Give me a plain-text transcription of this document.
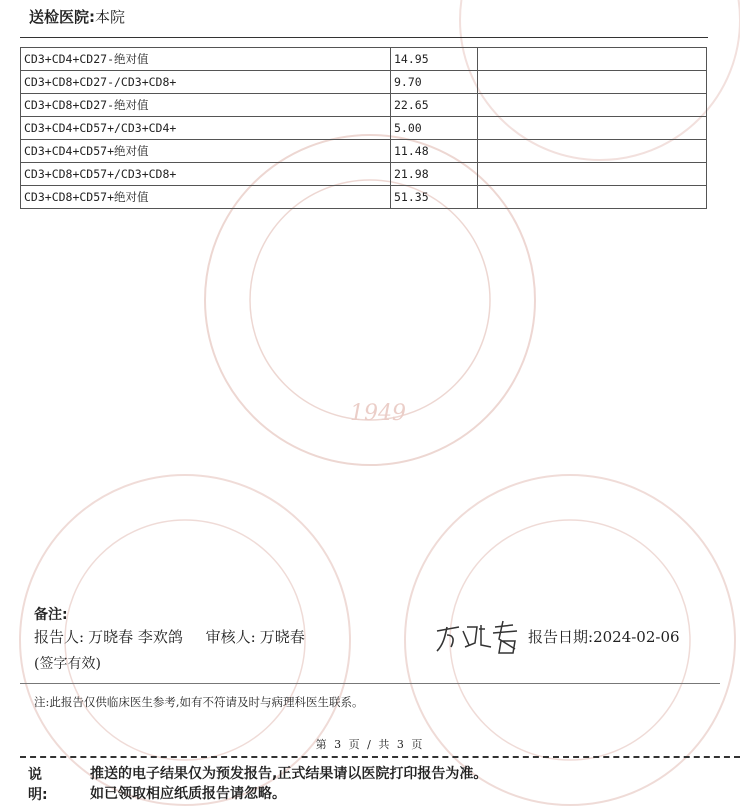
1949
送检医院:本院
CD3+CD4+CD27-绝对值	14.95	
CD3+CD8+CD27-/CD3+CD8+	9.70	
CD3+CD8+CD27-绝对值	22.65	
CD3+CD4+CD57+/CD3+CD4+	5.00	
CD3+CD4+CD57+绝对值	11.48	
CD3+CD8+CD57+/CD3+CD8+	21.98	
CD3+CD8+CD57+绝对值	51.35	
备注:
报告人: 万晓春 李欢鸽 审核人: 万晓春	报告日期:2024-02-06
(签字有效)
注:此报告仅供临床医生参考,如有不符请及时与病理科医生联系。
第 3 页 / 共 3 页
说明:
推送的电子结果仅为预发报告,正式结果请以医院打印报告为准。
如已领取相应纸质报告请忽略。
